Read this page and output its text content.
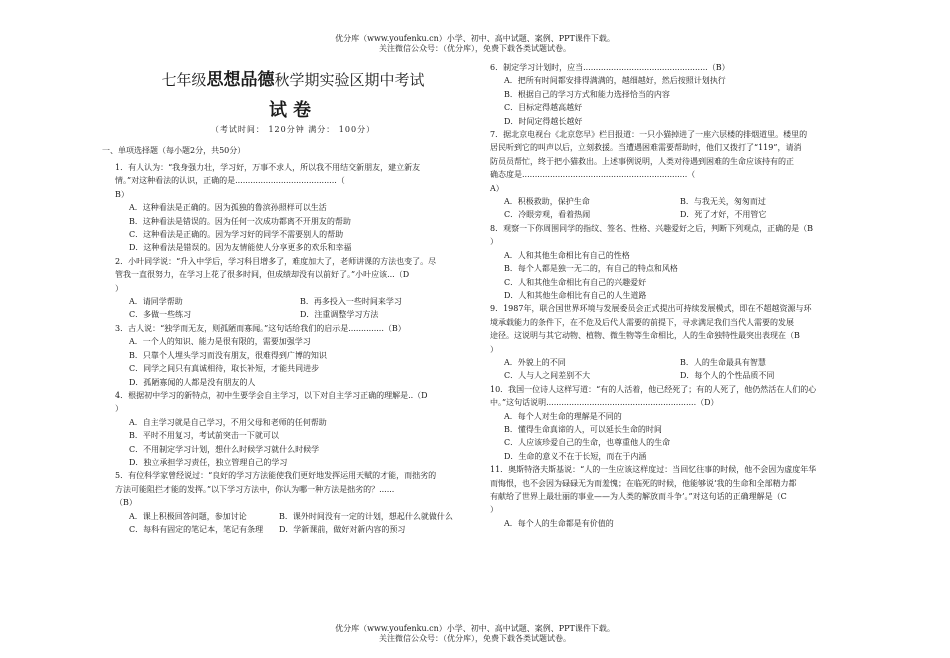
优分库（www.youfenku.cn）小学、初中、高中试题、案例、PPT课件下载。
关注微信公众号：（优分库），免费下载各类试题试卷。
七年级思想品德秋学期实验区期中考试
试卷
（考试时间： 120分钟 满分： 100分）
一、单项选择题（每小题2分，共50分）

1．有人认为：“我身强力壮，学习好，万事不求人，所以我不用结交新朋友，建立新友

情。”对这种看法的认识，正确的是........................................（

B）

A．这种看法是正确的。因为孤独的鲁滨孙照样可以生活

B．这种看法是错误的。因为任何一次成功都离不开朋友的帮助

C．这种看法是正确的。因为学习好的同学不需要别人的帮助

D．这种看法是错误的。因为友情能使人分享更多的欢乐和幸福

2．小叶同学说：“升入中学后，学习科目增多了，难度加大了，老师讲课的方法也变了。尽

管我一直很努力，在学习上花了很多时间，但成绩却没有以前好了。”小叶应该...（D

）

A．请同学帮助	B．再多投入一些时间来学习
C．多做一些练习	D．注重调整学习方法

3．古人说：“独学而无友，则孤陋而寡闻。”这句话给我们的启示是..............（B）

A．一个人的知识、能力是很有限的，需要加强学习

B．只靠个人埋头学习而没有朋友，很难得到广博的知识

C．同学之间只有真诚相待，取长补短，才能共同进步

D．孤陋寡闻的人都是没有朋友的人

4．根据初中学习的新特点，初中生要学会自主学习，以下对自主学习正确的理解是..（D

）

A．自主学习就是自己学习，不用父母和老师的任何帮助

B．平时不用复习，考试前突击一下就可以

C．不用制定学习计划，想什么时候学习就什么时候学

D．独立承担学习责任，独立管理自己的学习

5．有位科学家曾经说过：“良好的学习方法能使我们更好地发挥运用天赋的才能，而拙劣的

方法可能阻拦才能的发挥。”以下学习方法中，你认为哪一种方法是拙劣的？......

（B）

A．课上积极回答问题，参加讨论	B．课外时间没有一定的计划，想起什么就做什么
C．每科有固定的笔记本，笔记有条理	D．学新课前，做好对新内容的预习

6．制定学习计划时，应当.................................................（B）

A．把所有时间都安排得满满的，越细越好，然后按照计划执行

B．根据自己的学习方式和能力选择恰当的内容

C．目标定得越高越好

D．时间定得越长越好

7．据北京电视台《北京您早》栏目报道：一只小猫掉进了一座六层楼的排烟道里。楼里的

居民听到它的叫声以后，立刻救援。当遭遇困难需要帮助时，他们又拨打了“119”，请消

防员员帮忙，终于把小猫救出。上述事例说明，人类对待遇到困难的生命应该持有的正

确态度是.................................................................（

A）

A．积极救助，保护生命	B．与我无关，匆匆而过
C．冷眼旁观，看着热闹	D．死了才好，不用管它

8．观察一下你周围同学的指纹、签名、性格、兴趣爱好之后，判断下列观点，正确的是（B

）

A．人和其他生命相比有自己的性格

B．每个人都是独一无二的，有自己的特点和风格

C．人和其他生命相比有自己的兴趣爱好

D．人和其他生命相比有自己的人生道路

9．1987年，联合国世界环境与发展委员会正式提出可持续发展模式，即在不超越资源与环

境承载能力的条件下，在不危及后代人需要的前提下，寻求满足我们当代人需要的发展

途径。这说明与其它动物、植物、微生物等生命相比，人的生命独特性最突出表现在（B

）

A．外貌上的不同	B．人的生命最具有智慧
C．人与人之间差别不大	D．每个人的个性品质不同

10．我国一位诗人这样写道：“有的人活着，他已经死了；有的人死了，他仍然活在人们的心

中。”这句话说明...........................................................（D）

A．每个人对生命的理解是不同的

B．懂得生命真谛的人，可以延长生命的时间

C．人应该珍爱自己的生命，也尊重他人的生命

D．生命的意义不在于长短，而在于内涵

11．奥斯特洛夫斯基说：“人的一生应该这样度过：当回忆往事的时候，他不会因为虚度年华

而悔恨，也不会因为碌碌无为而羞愧；在临死的时候，他能够说‘我的生命和全部精力都

有献给了世界上最壮丽的事业——为人类的解放而斗争’。”对这句话的正确理解是（C

）

A．每个人的生命都是有价值的

优分库（www.youfenku.cn）小学、初中、高中试题、案例、PPT课件下载。
关注微信公众号：（优分库），免费下载各类试题试卷。
